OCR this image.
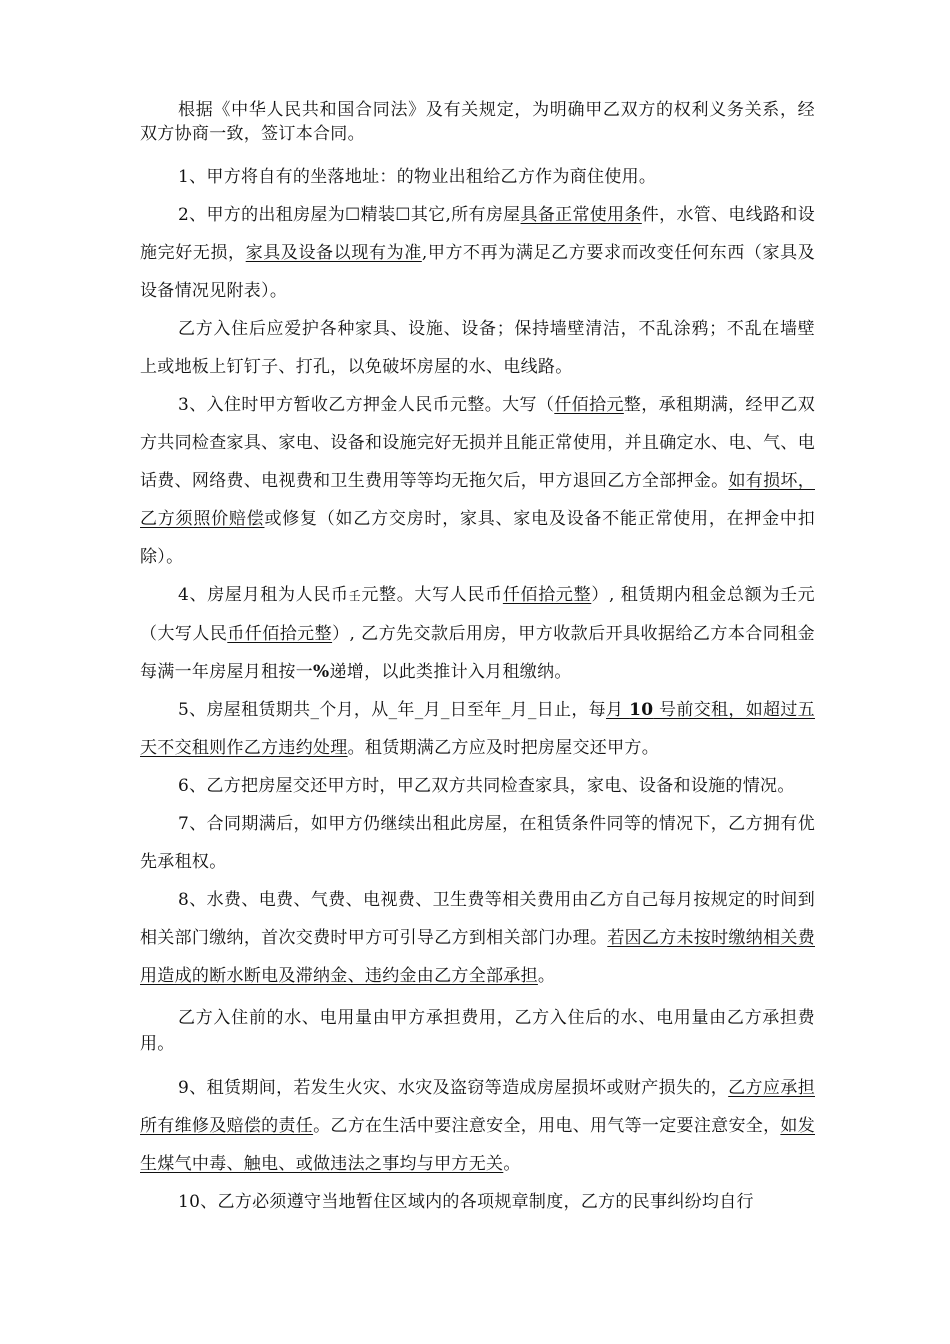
根据《中华人民共和国合同法》及有关规定，为明确甲乙双方的权利义务关系，经双方协商一致，签订本合同。

1、甲方将自有的坐落地址：的物业出租给乙方作为商住使用。

2、甲方的出租房屋为☐精装☐其它,所有房屋具备正常使用条件，水管、电线路和设施完好无损，家具及设备以现有为准,甲方不再为满足乙方要求而改变任何东西（家具及设备情况见附表）。

乙方入住后应爱护各种家具、设施、设备；保持墙壁清洁，不乱涂鸦；不乱在墙壁上或地板上钉钉子、打孔，以免破坏房屋的水、电线路。

3、入住时甲方暂收乙方押金人民币元整。大写（仟佰拾元整，承租期满，经甲乙双方共同检查家具、家电、设备和设施完好无损并且能正常使用，并且确定水、电、气、电话费、网络费、电视费和卫生费用等等均无拖欠后，甲方退回乙方全部押金。如有损坏，乙方须照价赔偿或修复（如乙方交房时，家具、家电及设备不能正常使用，在押金中扣除）。

4、房屋月租为人民币壬元整。大写人民币仟佰拾元整）, 租赁期内租金总额为壬元（大写人民币仟佰拾元整）, 乙方先交款后用房，甲方收款后开具收据给乙方本合同租金每满一年房屋月租按一%递增，以此类推计入月租缴纳。

5、房屋租赁期共_个月，从_年_月_日至年_月_日止，每月 10 号前交租，如超过五天不交租则作乙方违约处理。租赁期满乙方应及时把房屋交还甲方。

6、乙方把房屋交还甲方时，甲乙双方共同检查家具，家电、设备和设施的情况。

7、合同期满后，如甲方仍继续出租此房屋，在租赁条件同等的情况下，乙方拥有优先承租权。

8、水费、电费、气费、电视费、卫生费等相关费用由乙方自己每月按规定的时间到相关部门缴纳，首次交费时甲方可引导乙方到相关部门办理。若因乙方未按时缴纳相关费用造成的断水断电及滞纳金、违约金由乙方全部承担。

乙方入住前的水、电用量由甲方承担费用，乙方入住后的水、电用量由乙方承担费用。

9、租赁期间，若发生火灾、水灾及盗窃等造成房屋损坏或财产损失的，乙方应承担所有维修及赔偿的责任。乙方在生活中要注意安全，用电、用气等一定要注意安全，如发生煤气中毒、触电、或做违法之事均与甲方无关。

10、乙方必须遵守当地暂住区域内的各项规章制度，乙方的民事纠纷均自行
